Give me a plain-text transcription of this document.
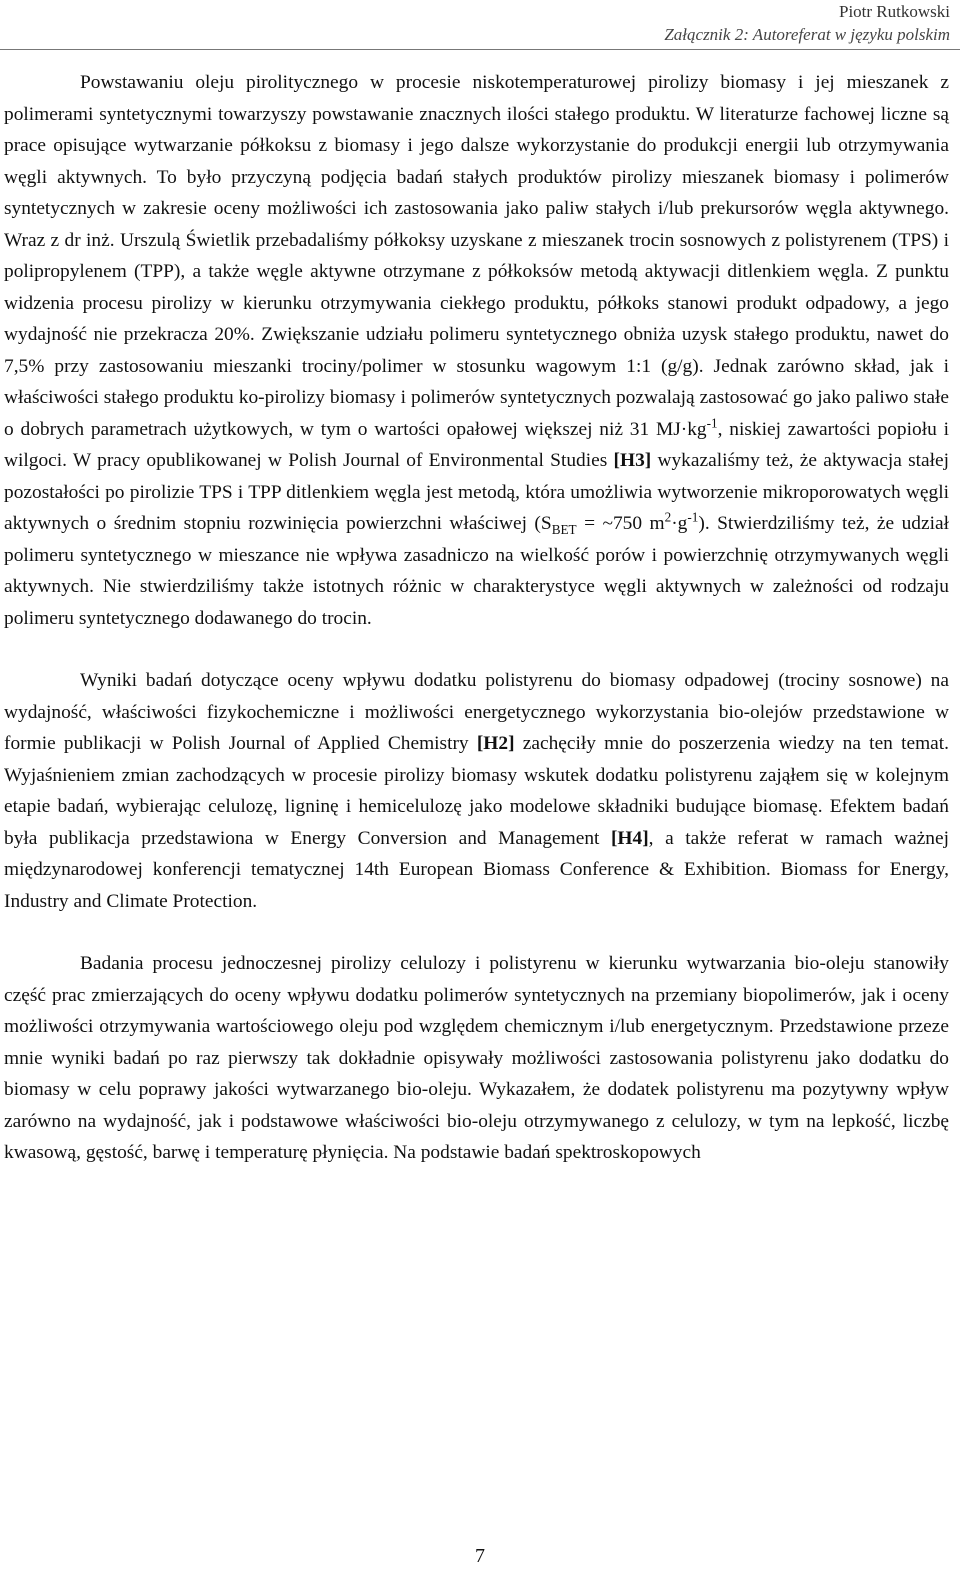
Piotr Rutkowski
Załącznik 2: Autoreferat w języku polskim

Powstawaniu oleju pirolitycznego w procesie niskotemperaturowej pirolizy biomasy i jej mieszanek z polimerami syntetycznymi towarzyszy powstawanie znacznych ilości stałego produktu. W literaturze fachowej liczne są prace opisujące wytwarzanie półkoksu z biomasy i jego dalsze wykorzystanie do produkcji energii lub otrzymywania węgli aktywnych. To było przyczyną podjęcia badań stałych produktów pirolizy mieszanek biomasy i polimerów syntetycznych w zakresie oceny możliwości ich zastosowania jako paliw stałych i/lub prekursorów węgla aktywnego. Wraz z dr inż. Urszulą Świetlik przebadaliśmy półkoksy uzyskane z mieszanek trocin sosnowych z polistyrenem (TPS) i polipropylenem (TPP), a także węgle aktywne otrzymane z półkoksów metodą aktywacji ditlenkiem węgla. Z punktu widzenia procesu pirolizy w kierunku otrzymywania ciekłego produktu, półkoks stanowi produkt odpadowy, a jego wydajność nie przekracza 20%. Zwiększanie udziału polimeru syntetycznego obniża uzysk stałego produktu, nawet do 7,5% przy zastosowaniu mieszanki trociny/polimer w stosunku wagowym 1:1 (g/g). Jednak zarówno skład, jak i właściwości stałego produktu ko-pirolizy biomasy i polimerów syntetycznych pozwalają zastosować go jako paliwo stałe o dobrych parametrach użytkowych, w tym o wartości opałowej większej niż 31 $MJ\cdot kg^{-1}$, niskiej zawartości popiołu i wilgoci. W pracy opublikowanej w Polish Journal of Environmental Studies [H3] wykazaliśmy też, że aktywacja stałej pozostałości po pirolizie TPS i TPP ditlenkiem węgla jest metodą, która umożliwia wytworzenie mikroporowatych węgli aktywnych o średnim stopniu rozwinięcia powierzchni właściwej ($S_{BET}$ = ~750 $m^2\cdot g^{-1}$). Stwierdziliśmy też, że udział polimeru syntetycznego w mieszance nie wpływa zasadniczo na wielkość porów i powierzchnię otrzymywanych węgli aktywnych. Nie stwierdziliśmy także istotnych różnic w charakterystyce węgli aktywnych w zależności od rodzaju polimeru syntetycznego dodawanego do trocin.

Wyniki badań dotyczące oceny wpływu dodatku polistyrenu do biomasy odpadowej (trociny sosnowe) na wydajność, właściwości fizykochemiczne i możliwości energetycznego wykorzystania bio-olejów przedstawione w formie publikacji w Polish Journal of Applied Chemistry [H2] zachęciły mnie do poszerzenia wiedzy na ten temat. Wyjaśnieniem zmian zachodzących w procesie pirolizy biomasy wskutek dodatku polistyrenu zająłem się w kolejnym etapie badań, wybierając celulozę, ligninę i hemicelulozę jako modelowe składniki budujące biomasę. Efektem badań była publikacja przedstawiona w Energy Conversion and Management [H4], a także referat w ramach ważnej międzynarodowej konferencji tematycznej 14th European Biomass Conference & Exhibition. Biomass for Energy, Industry and Climate Protection.

Badania procesu jednoczesnej pirolizy celulozy i polistyrenu w kierunku wytwarzania bio-oleju stanowiły część prac zmierzających do oceny wpływu dodatku polimerów syntetycznych na przemiany biopolimerów, jak i oceny możliwości otrzymywania wartościowego oleju pod względem chemicznym i/lub energetycznym. Przedstawione przeze mnie wyniki badań po raz pierwszy tak dokładnie opisywały możliwości zastosowania polistyrenu jako dodatku do biomasy w celu poprawy jakości wytwarzanego bio-oleju. Wykazałem, że dodatek polistyrenu ma pozytywny wpływ zarówno na wydajność, jak i podstawowe właściwości bio-oleju otrzymywanego z celulozy, w tym na lepkość, liczbę kwasową, gęstość, barwę i temperaturę płynięcia. Na podstawie badań spektroskopowych

7
